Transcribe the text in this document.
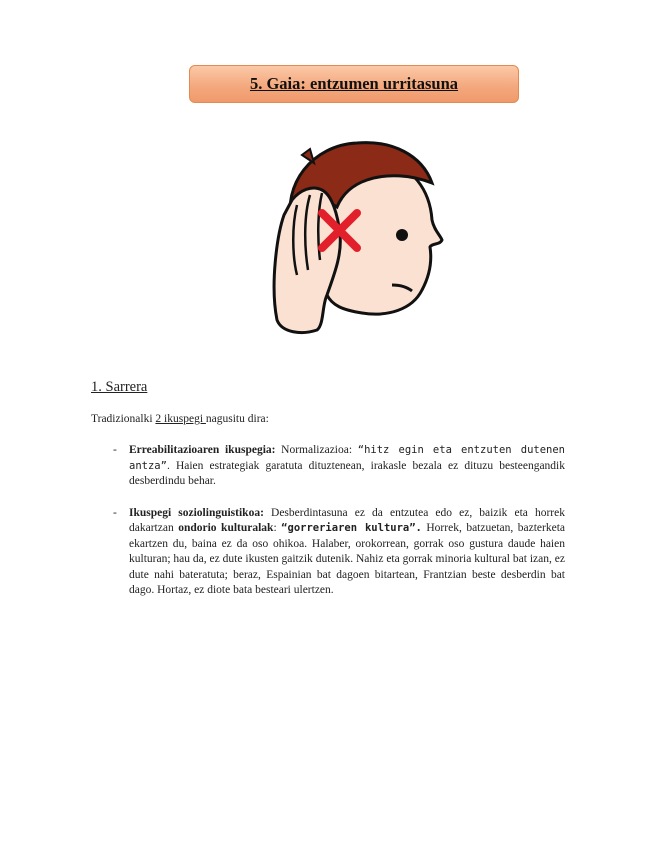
5. Gaia: entzumen urritasuna
1. Sarrera
Tradizionalki 2 ikuspegi nagusitu dira:
- Erreabilitazioaren ikuspegia: Normalizazioa: “hitz egin eta entzuten dutenen antza”. Haien estrategiak garatuta dituztenean, irakasle bezala ez dituzu besteengandik desberdindu behar.
- Ikuspegi soziolinguistikoa: Desberdintasuna ez da entzutea edo ez, baizik eta horrek dakartzan ondorio kulturalak: “gorreriaren kultura”. Horrek, batzuetan, bazterketa ekartzen du, baina ez da oso ohikoa. Halaber, orokorrean, gorrak oso gustura daude haien kulturan; hau da, ez dute ikusten gaitzik dutenik. Nahiz eta gorrak minoria kultural bat izan, ez dute nahi bateratuta; beraz, Espainian bat dagoen bitartean, Frantzian beste desberdin bat dago. Hortaz, ez diote bata besteari ulertzen.
